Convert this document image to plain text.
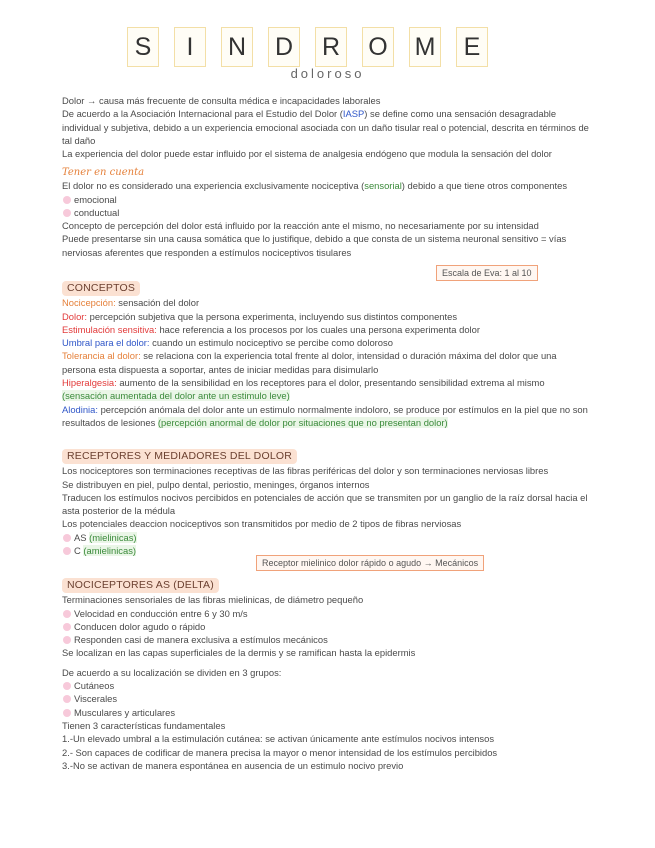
S	I	N D R O M	E
doloroso

Dolor → causa más frecuente de consulta médica e incapacidades laborales

De acuerdo a la Asociación Internacional para el Estudio del Dolor (IASP) se define como una sensación desagradable individual y subjetiva, debido a un experiencia emocional asociada con un daño tisular real o potencial, descrita en términos de tal daño

La experiencia del dolor puede estar influido por el sistema de analgesia endógeno que modula la sensación del dolor

Tener en cuenta

El dolor no es considerado una experiencia exclusivamente nociceptiva (sensorial) debido a que tiene otros componentes

emocional

conductual

Concepto de percepción del dolor está influido por la reacción ante el mismo, no necesariamente por su intensidad

Puede presentarse sin una causa somática que lo justifique, debido a que consta de un sistema neuronal sensitivo = vías nerviosas aferentes que responden a estímulos nociceptivos tisulares

Escala de Eva: 1 al 10

CONCEPTOS

Nocicepción: sensación del dolor

Dolor: percepción subjetiva que la persona experimenta, incluyendo sus distintos componentes

Estimulación sensitiva: hace referencia a los procesos por los cuales una persona experimenta dolor

Umbral para el dolor: cuando un estimulo nociceptivo se percibe como doloroso

Tolerancia al dolor: se relaciona con la experiencia total frente al dolor, intensidad o duración máxima del dolor que una persona esta dispuesta a soportar, antes de iniciar medidas para disimularlo

Hiperalgesia: aumento de la sensibilidad en los receptores para el dolor, presentando sensibilidad extrema al mismo (sensación aumentada del dolor ante un estimulo leve)

Alodinia: percepción anómala del dolor ante un estimulo normalmente indoloro, se produce por estímulos en la piel que no son resultados de lesiones (percepción anormal de dolor por situaciones que no presentan dolor)

RECEPTORES Y MEDIADORES DEL DOLOR

Los nociceptores son terminaciones receptivas de las fibras periféricas del dolor y son terminaciones nerviosas libres

Se distribuyen en piel, pulpo dental, periostio, meninges, órganos internos

Traducen los estímulos nocivos percibidos en potenciales de acción que se transmiten por un ganglio de la raíz dorsal hacia el asta posterior de la médula

Los potenciales deaccion nociceptivos son transmitidos por medio de 2 tipos de fibras nerviosas

AS (mielinicas)

C (amielinicas)

Receptor mielinico dolor rápido o agudo → Mecánicos

NOCICEPTORES AS (DELTA)

Terminaciones sensoriales de las fibras mielinicas, de diámetro pequeño

Velocidad en conducción entre 6 y 30 m/s

Conducen dolor agudo o rápido

Responden casi de manera exclusiva a estímulos mecánicos

Se localizan en las capas superficiales de la dermis y se ramifican hasta la epidermis

De acuerdo a su localización se dividen en 3 grupos:

Cutáneos

Viscerales

Musculares y articulares

Tienen 3 características fundamentales

1.-Un elevado umbral a la estimulación cutánea: se activan únicamente ante estímulos nocivos intensos

2.- Son capaces de codificar de manera precisa la mayor o menor intensidad de los estímulos percibidos

3.-No se activan de manera espontánea en ausencia de un estimulo nocivo previo
